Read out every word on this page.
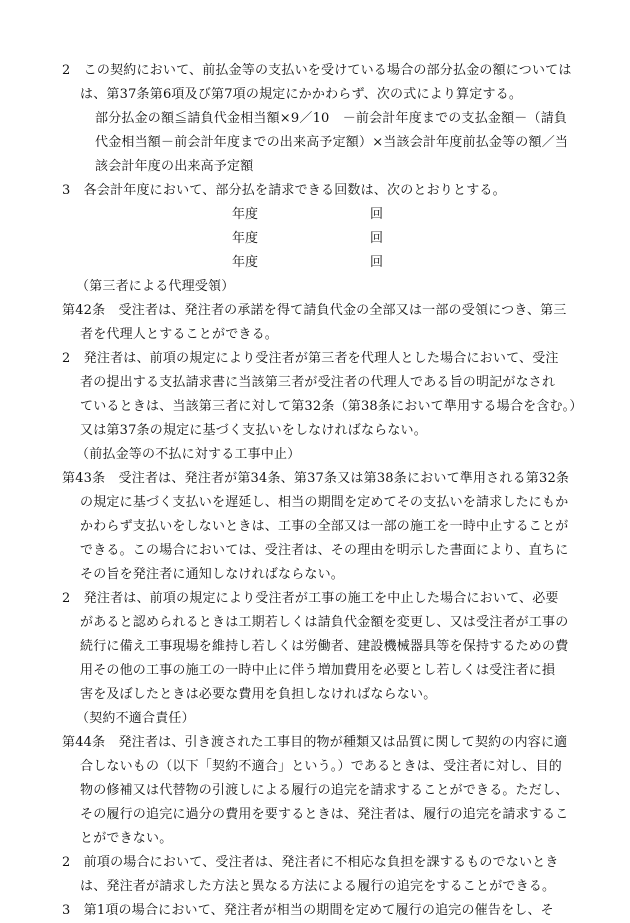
2　この契約において、前払金等の支払いを受けている場合の部分払金の額については
は、第37条第6項及び第7項の規定にかかわらず、次の式により算定する。
部分払金の額≦請負代金相当額×9／10　－前会計年度までの支払金額－（請負
代金相当額－前会計年度までの出来高予定額）×当該会計年度前払金等の額／当
該会計年度の出来高予定額
3　各会計年度において、部分払を請求できる回数は、次のとおりとする。
年度	回
年度	回
年度	回
（第三者による代理受領）
第42条　受注者は、発注者の承諾を得て請負代金の全部又は一部の受領につき、第三
者を代理人とすることができる。
2　発注者は、前項の規定により受注者が第三者を代理人とした場合において、受注
者の提出する支払請求書に当該第三者が受注者の代理人である旨の明記がなされ
ているときは、当該第三者に対して第32条（第38条において準用する場合を含む。）
又は第37条の規定に基づく支払いをしなければならない。
（前払金等の不払に対する工事中止）
第43条　受注者は、発注者が第34条、第37条又は第38条において準用される第32条
の規定に基づく支払いを遅延し、相当の期間を定めてその支払いを請求したにもか
かわらず支払いをしないときは、工事の全部又は一部の施工を一時中止することが
できる。この場合においては、受注者は、その理由を明示した書面により、直ちに
その旨を発注者に通知しなければならない。
2　発注者は、前項の規定により受注者が工事の施工を中止した場合において、必要
があると認められるときは工期若しくは請負代金額を変更し、又は受注者が工事の
続行に備え工事現場を維持し若しくは労働者、建設機械器具等を保持するための費
用その他の工事の施工の一時中止に伴う増加費用を必要とし若しくは受注者に損
害を及ぼしたときは必要な費用を負担しなければならない。
（契約不適合責任）
第44条　発注者は、引き渡された工事目的物が種類又は品質に関して契約の内容に適
合しないもの（以下「契約不適合」という。）であるときは、受注者に対し、目的
物の修補又は代替物の引渡しによる履行の追完を請求することができる。ただし、
その履行の追完に過分の費用を要するときは、発注者は、履行の追完を請求するこ
とができない。
2　前項の場合において、受注者は、発注者に不相応な負担を課するものでないとき
は、発注者が請求した方法と異なる方法による履行の追完をすることができる。
3　第1項の場合において、発注者が相当の期間を定めて履行の追完の催告をし、そ
